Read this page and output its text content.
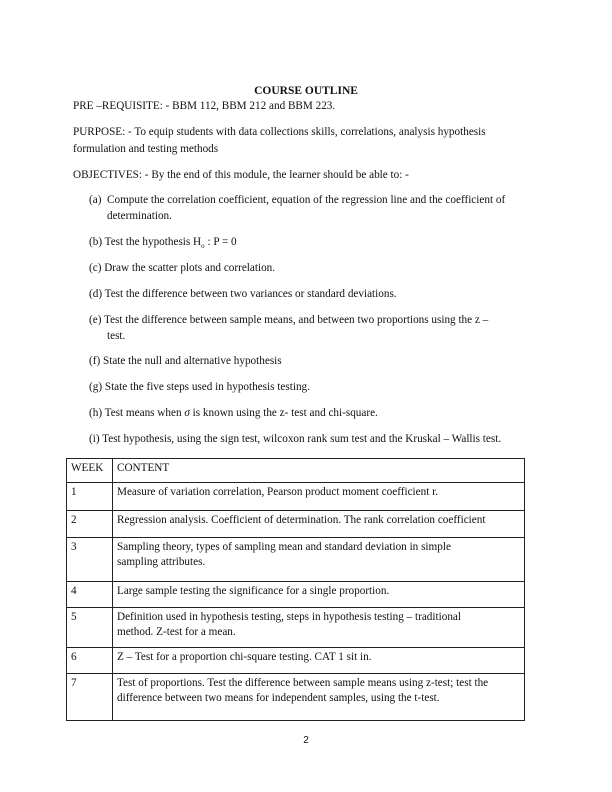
COURSE OUTLINE
PRE –REQUISITE: - BBM 112, BBM 212 and BBM 223.
PURPOSE: - To equip students with data collections skills, correlations, analysis hypothesis
formulation and testing methods
OBJECTIVES: - By the end of this module, the learner should be able to: -
(a) Compute the correlation coefficient, equation of the regression line and the coefficient of
determination.
(b) Test the hypothesis $H_o$ : P = 0
(c) Draw the scatter plots and correlation.
(d) Test the difference between two variances or standard deviations.
(e) Test the difference between sample means, and between two proportions using the z –
test.
(f) State the null and alternative hypothesis
(g) State the five steps used in hypothesis testing.
(h) Test means when σ is known using the z- test and chi-square.
(i) Test hypothesis, using the sign test, wilcoxon rank sum test and the Kruskal – Wallis test.
WEEK	CONTENT
1	Measure of variation correlation, Pearson product moment coefficient r.
2	Regression analysis. Coefficient of determination. The rank correlation coefficient
3	Sampling theory, types of sampling mean and standard deviation in simple
sampling attributes.
4	Large sample testing the significance for a single proportion.
5	Definition used in hypothesis testing, steps in hypothesis testing – traditional
method. Z-test for a mean.
6	Z – Test for a proportion chi-square testing. CAT 1 sit in.
7	Test of proportions. Test the difference between sample means using z-test; test the
difference between two means for independent samples, using the t-test.
2
